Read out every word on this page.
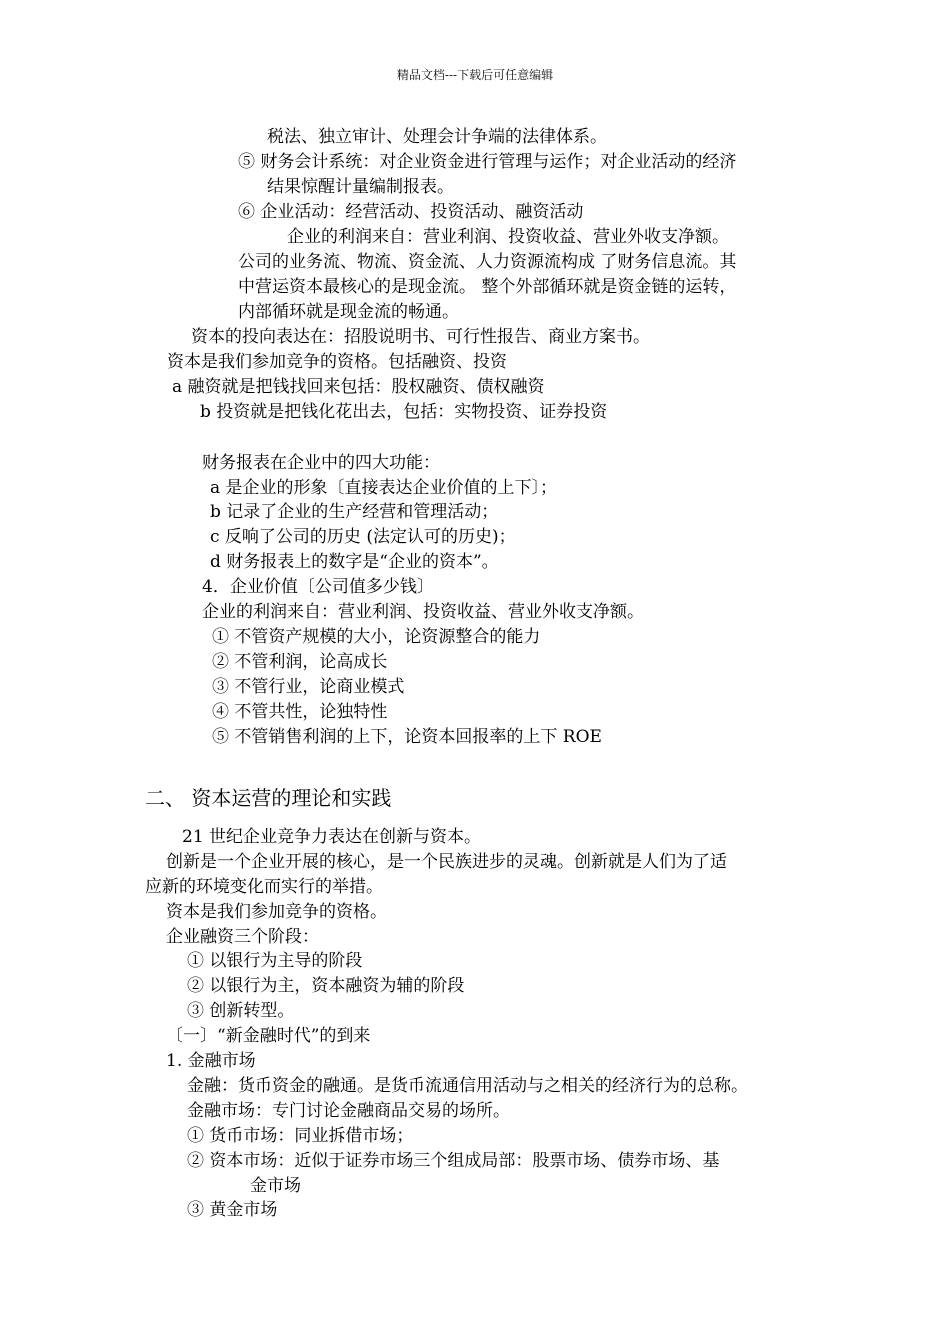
精品文档---下载后可任意编辑
税法、独立审计、处理会计争端的法律体系。
⑤ 财务会计系统：对企业资金进行管理与运作；对企业活动的经济
结果惊醒计量编制报表。
⑥ 企业活动：经营活动、投资活动、融资活动
企业的利润来自：营业利润、投资收益、营业外收支净额。
公司的业务流、物流、资金流、人力资源流构成 了财务信息流。其
中营运资本最核心的是现金流。 整个外部循环就是资金链的运转，
内部循环就是现金流的畅通。
资本的投向表达在：招股说明书、可行性报告、商业方案书。
资本是我们参加竞争的资格。包括融资、投资
a 融资就是把钱找回来包括：股权融资、债权融资
b 投资就是把钱化花出去，包括：实物投资、证券投资
财务报表在企业中的四大功能：
a 是企业的形象〔直接表达企业价值的上下〕；
b 记录了企业的生产经营和管理活动；
c 反响了公司的历史 (法定认可的历史)；
d 财务报表上的数字是“企业的资本”。
4．企业价值〔公司值多少钱〕
企业的利润来自：营业利润、投资收益、营业外收支净额。
① 不管资产规模的大小，论资源整合的能力
② 不管利润，论高成长
③ 不管行业，论商业模式
④ 不管共性，论独特性
⑤ 不管销售利润的上下，论资本回报率的上下 ROE
二、 资本运营的理论和实践
21 世纪企业竞争力表达在创新与资本。
创新是一个企业开展的核心，是一个民族进步的灵魂。创新就是人们为了适
应新的环境变化而实行的举措。
资本是我们参加竞争的资格。
企业融资三个阶段：
① 以银行为主导的阶段
② 以银行为主，资本融资为辅的阶段
③ 创新转型。
〔一〕“新金融时代”的到来
1. 金融市场
金融：货币资金的融通。是货币流通信用活动与之相关的经济行为的总称。
金融市场：专门讨论金融商品交易的场所。
① 货币市场：同业拆借市场；
② 资本市场：近似于证券市场三个组成局部：股票市场、债券市场、基
金市场
③ 黄金市场
